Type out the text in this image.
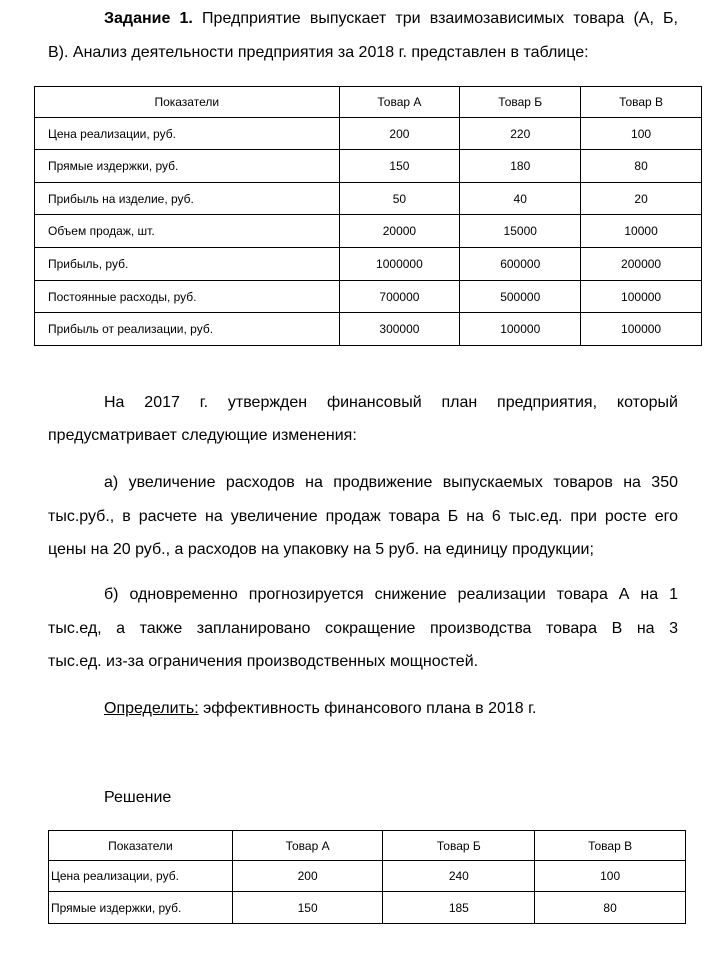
Задание 1. Предприятие выпускает три взаимозависимых товара (А, Б,
В). Анализ деятельности предприятия за 2018 г. представлен в таблице:
Показатели	Товар А	Товар Б	Товар В
Цена реализации, руб.	200	220	100
Прямые издержки, руб.	150	180	80
Прибыль на изделие, руб.	50	40	20
Объем продаж, шт.	20000	15000	10000
Прибыль, руб.	1000000	600000	200000
Постоянные расходы, руб.	700000	500000	100000
Прибыль от реализации, руб.	300000	100000	100000
На 2017 г. утвержден финансовый план предприятия, который
предусматривает следующие изменения:
а) увеличение расходов на продвижение выпускаемых товаров на 350
тыс.руб., в расчете на увеличение продаж товара Б на 6 тыс.ед. при росте его
цены на 20 руб., а расходов на упаковку на 5 руб. на единицу продукции;
б) одновременно прогнозируется снижение реализации товара А на 1
тыс.ед, а также запланировано сокращение производства товара В на 3
тыс.ед. из-за ограничения производственных мощностей.
Определить: эффективность финансового плана в 2018 г.
Решение
Показатели	Товар А	Товар Б	Товар В
Цена реализации, руб.	200	240	100
Прямые издержки, руб.	150	185	80
